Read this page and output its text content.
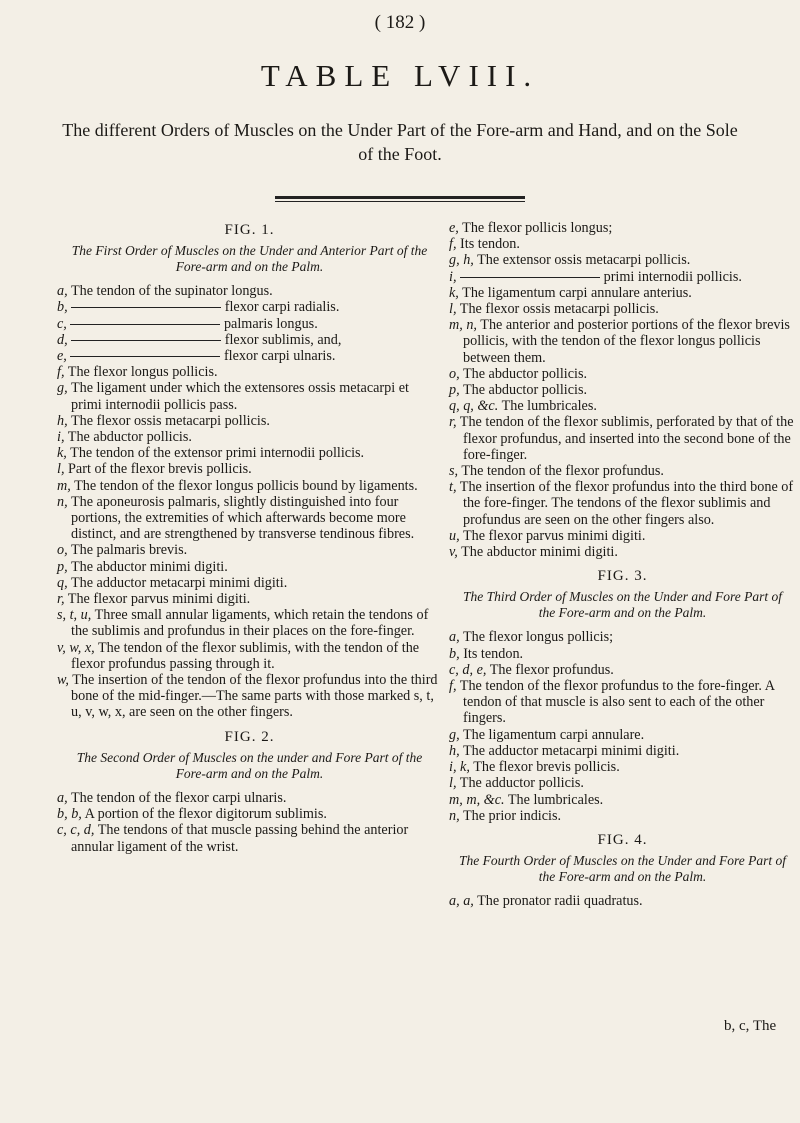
( 182 )
TABLE LVIII.
The different Orders of Muscles on the Under Part of the Fore-arm and Hand, and on the Sole of the Foot.
FIG. 1.
The First Order of Muscles on the Under and Anterior Part of the Fore-arm and on the Palm.

a, The tendon of the supinator longus.

b,	flexor carpi radialis.

c,	palmaris longus.

d,	flexor sublimis, and,

e,	flexor carpi ulnaris.

f, The flexor longus pollicis.

g, The ligament under which the extensores ossis metacarpi et primi internodii pollicis pass.

h, The flexor ossis metacarpi pollicis.

i, The abductor pollicis.

k, The tendon of the extensor primi internodii pollicis.

l, Part of the flexor brevis pollicis.

m, The tendon of the flexor longus pollicis bound by ligaments.

n, The aponeurosis palmaris, slightly distinguished into four portions, the extremities of which afterwards become more distinct, and are strengthened by transverse tendinous fibres.

o, The palmaris brevis.

p, The abductor minimi digiti.

q, The adductor metacarpi minimi digiti.

r, The flexor parvus minimi digiti.

s, t, u, Three small annular ligaments, which retain the tendons of the sublimis and profundus in their places on the fore-finger.

v, w, x, The tendon of the flexor sublimis, with the tendon of the flexor profundus passing through it.

w, The insertion of the tendon of the flexor profundus into the third bone of the mid-finger.—The same parts with those marked s, t, u, v, w, x, are seen on the other fingers.

FIG. 2.
The Second Order of Muscles on the under and Fore Part of the Fore-arm and on the Palm.

a, The tendon of the flexor carpi ulnaris.

b, b, A portion of the flexor digitorum sublimis.

c, c, d, The tendons of that muscle passing behind the anterior annular ligament of the wrist.

e, The flexor pollicis longus;

f, Its tendon.

g, h, The extensor ossis metacarpi pollicis.

i,	primi internodii pollicis.

k, The ligamentum carpi annulare anterius.

l, The flexor ossis metacarpi pollicis.

m, n, The anterior and posterior portions of the flexor brevis pollicis, with the tendon of the flexor longus pollicis between them.

o, The abductor pollicis.

p, The abductor pollicis.

q, q, &c. The lumbricales.

r, The tendon of the flexor sublimis, perforated by that of the flexor profundus, and inserted into the second bone of the fore-finger.

s, The tendon of the flexor profundus.

t, The insertion of the flexor profundus into the third bone of the fore-finger. The tendons of the flexor sublimis and profundus are seen on the other fingers also.

u, The flexor parvus minimi digiti.

v, The abductor minimi digiti.

FIG. 3.
The Third Order of Muscles on the Under and Fore Part of the Fore-arm and on the Palm.

a, The flexor longus pollicis;

b, Its tendon.

c, d, e, The flexor profundus.

f, The tendon of the flexor profundus to the fore-finger. A tendon of that muscle is also sent to each of the other fingers.

g, The ligamentum carpi annulare.

h, The adductor metacarpi minimi digiti.

i, k, The flexor brevis pollicis.

l, The adductor pollicis.

m, m, &c. The lumbricales.

n, The prior indicis.

FIG. 4.
The Fourth Order of Muscles on the Under and Fore Part of the Fore-arm and on the Palm.

a, a, The pronator radii quadratus.

b, c, The
